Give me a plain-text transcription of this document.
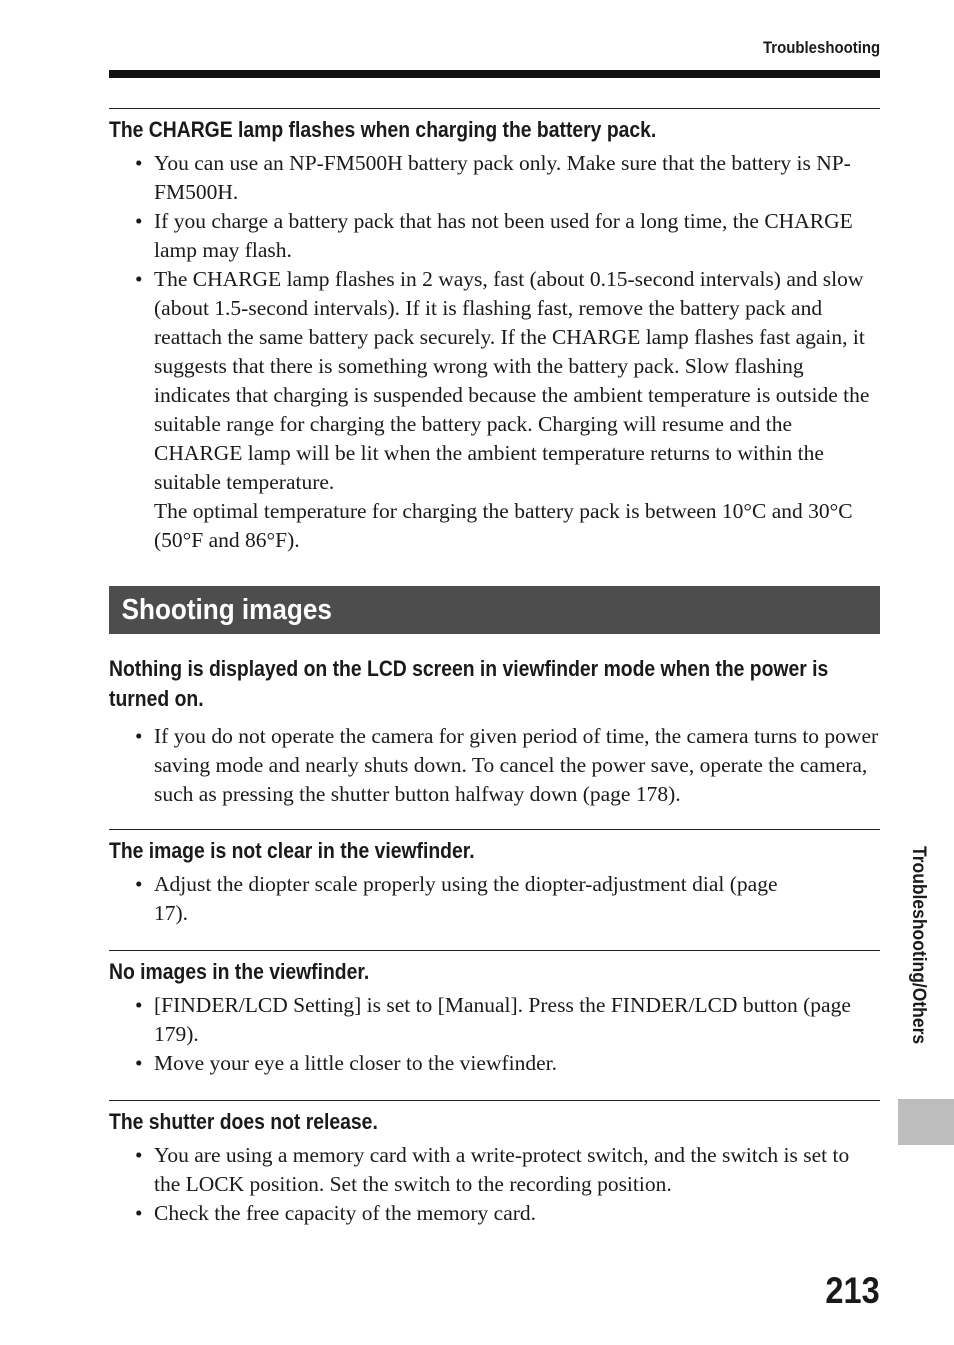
Troubleshooting
The CHARGE lamp flashes when charging the battery pack.
• You can use an NP-FM500H battery pack only. Make sure that the battery is NP-FM500H.
• If you charge a battery pack that has not been used for a long time, the CHARGE lamp may flash.
• The CHARGE lamp flashes in 2 ways, fast (about 0.15-second intervals) and slow (about 1.5-second intervals). If it is flashing fast, remove the battery pack and reattach the same battery pack securely. If the CHARGE lamp flashes fast again, it suggests that there is something wrong with the battery pack. Slow flashing indicates that charging is suspended because the ambient temperature is outside the suitable range for charging the battery pack. Charging will resume and the CHARGE lamp will be lit when the ambient temperature returns to within the suitable temperature.
The optimal temperature for charging the battery pack is between 10°C and 30°C (50°F and 86°F).
Shooting images
Nothing is displayed on the LCD screen in viewfinder mode when the power is turned on.
• If you do not operate the camera for given period of time, the camera turns to power saving mode and nearly shuts down. To cancel the power save, operate the camera, such as pressing the shutter button halfway down (page 178).
The image is not clear in the viewfinder.
• Adjust the diopter scale properly using the diopter-adjustment dial (page 17).
No images in the viewfinder.
• [FINDER/LCD Setting] is set to [Manual]. Press the FINDER/LCD button (page 179).
• Move your eye a little closer to the viewfinder.
The shutter does not release.
• You are using a memory card with a write-protect switch, and the switch is set to the LOCK position. Set the switch to the recording position.
• Check the free capacity of the memory card.
Troubleshooting/Others
213
